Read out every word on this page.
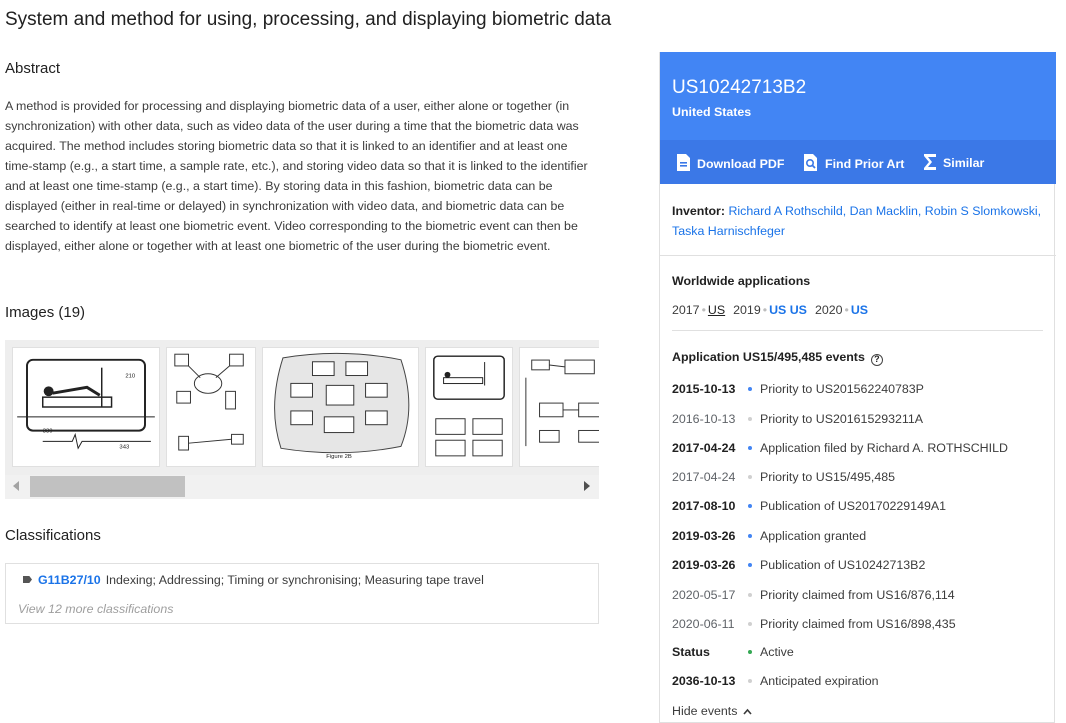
System and method for using, processing, and displaying biometric data
Abstract
A method is provided for processing and displaying biometric data of a user, either alone or together (in synchronization) with other data, such as video data of the user during a time that the biometric data was acquired. The method includes storing biometric data so that it is linked to an identifier and at least one time-stamp (e.g., a start time, a sample rate, etc.), and storing video data so that it is linked to the identifier and at least one time-stamp (e.g., a start time). By storing data in this fashion, biometric data can be displayed (either in real-time or delayed) in synchronization with video data, and biometric data can be searched to identify at least one biometric event. Video corresponding to the biometric event can then be displayed, either alone or together with at least one biometric of the user during the biometric event.
Images (19)
210
330
343
Figure 2B
Classifications
G11B27/10 Indexing; Addressing; Timing or synchronising; Measuring tape travel
View 12 more classifications
US10242713B2
United States
Download PDF	Find Prior Art	Similar
Inventor: Richard A Rothschild, Dan Macklin, Robin S Slomkowski, Taska Harnischfeger
Worldwide applications
2017 • US 2019 • US US 2020 • US
Application US15/495,485 events ?
2015-10-13 Priority to US201562240783P
2016-10-13 Priority to US201615293211A
2017-04-24 Application filed by Richard A. ROTHSCHILD
2017-04-24 Priority to US15/495,485
2017-08-10 Publication of US20170229149A1
2019-03-26 Application granted
2019-03-26 Publication of US10242713B2
2020-05-17 Priority claimed from US16/876,114
2020-06-11 Priority claimed from US16/898,435
Status	Active
2036-10-13 Anticipated expiration
Hide events
